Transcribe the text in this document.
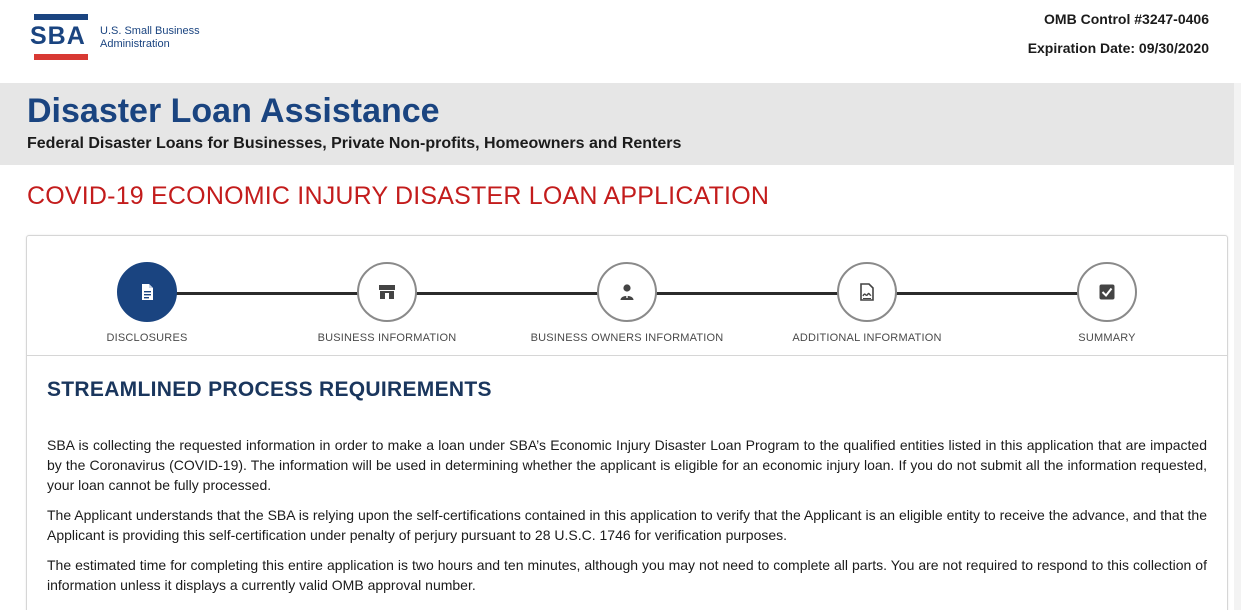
SBA U.S. Small Business
Administration
OMB Control #3247-0406
Expiration Date: 09/30/2020
Disaster Loan Assistance
Federal Disaster Loans for Businesses, Private Non-profits, Homeowners and Renters
COVID-19 ECONOMIC INJURY DISASTER LOAN APPLICATION
DISCLOSURES	BUSINESS INFORMATION	BUSINESS OWNERS INFORMATION	ADDITIONAL INFORMATION	SUMMARY
STREAMLINED PROCESS REQUIREMENTS

SBA is collecting the requested information in order to make a loan under SBA’s Economic Injury Disaster Loan Program to the qualified entities listed in this application that are impacted by the Coronavirus (COVID-19). The information will be used in determining whether the applicant is eligible for an economic injury loan. If you do not submit all the information requested, your loan cannot be fully processed.

The Applicant understands that the SBA is relying upon the self-certifications contained in this application to verify that the Applicant is an eligible entity to receive the advance, and that the Applicant is providing this self-certification under penalty of perjury pursuant to 28 U.S.C. 1746 for verification purposes.

The estimated time for completing this entire application is two hours and ten minutes, although you may not need to complete all parts. You are not required to respond to this collection of information unless it displays a currently valid OMB approval number.
